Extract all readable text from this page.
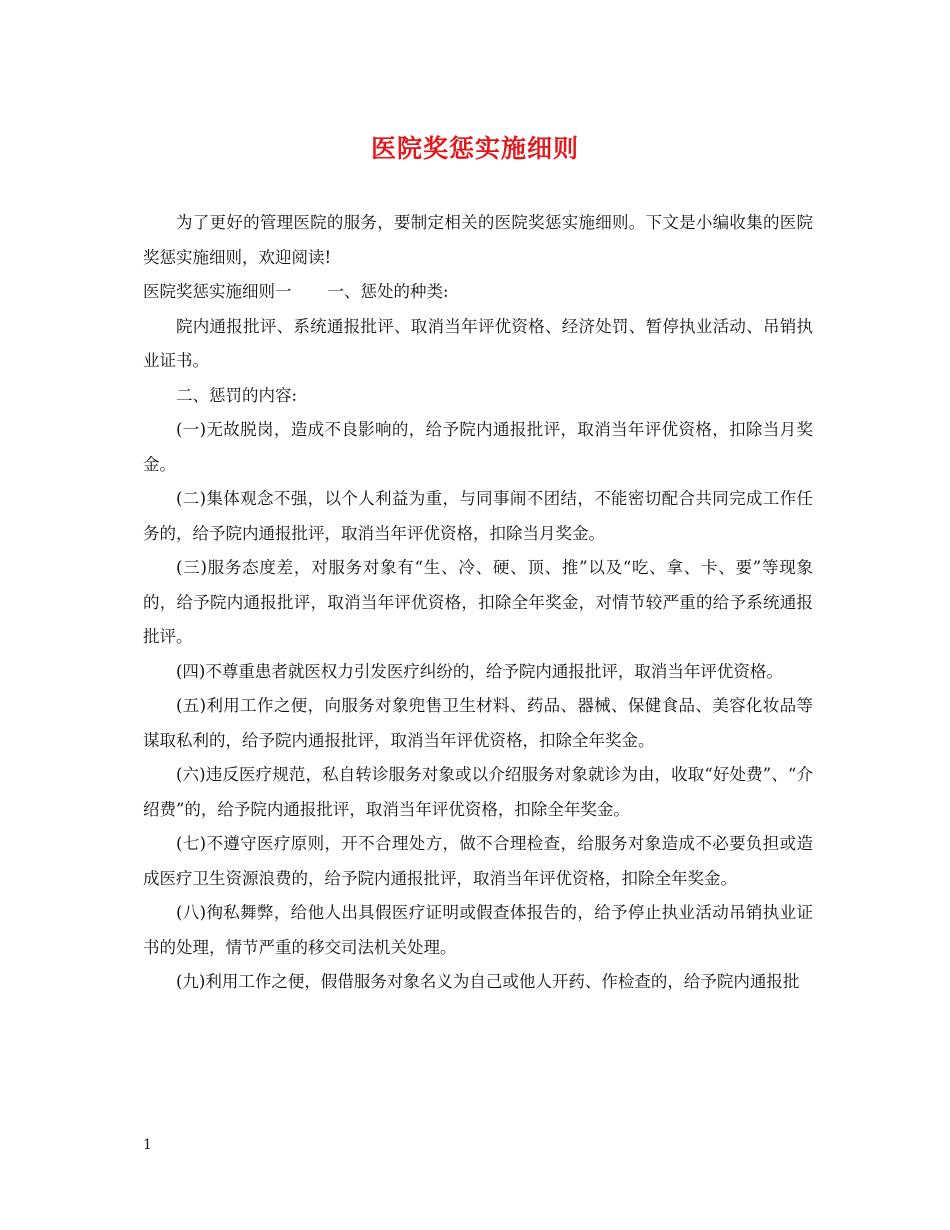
医院奖惩实施细则

为了更好的管理医院的服务，要制定相关的医院奖惩实施细则。下文是小编收集的医院奖惩实施细则，欢迎阅读!

医院奖惩实施细则一 一、惩处的种类:

院内通报批评、系统通报批评、取消当年评优资格、经济处罚、暂停执业活动、吊销执业证书。

二、惩罚的内容:

(一)无故脱岗，造成不良影响的，给予院内通报批评，取消当年评优资格，扣除当月奖金。

(二)集体观念不强，以个人利益为重，与同事闹不团结，不能密切配合共同完成工作任务的，给予院内通报批评，取消当年评优资格，扣除当月奖金。

(三)服务态度差，对服务对象有“生、冷、硬、顶、推”以及“吃、拿、卡、要”等现象的，给予院内通报批评，取消当年评优资格，扣除全年奖金，对情节较严重的给予系统通报批评。

(四)不尊重患者就医权力引发医疗纠纷的，给予院内通报批评，取消当年评优资格。

(五)利用工作之便，向服务对象兜售卫生材料、药品、器械、保健食品、美容化妆品等谋取私利的，给予院内通报批评，取消当年评优资格，扣除全年奖金。

(六)违反医疗规范，私自转诊服务对象或以介绍服务对象就诊为由，收取“好处费”、“介绍费”的，给予院内通报批评，取消当年评优资格，扣除全年奖金。

(七)不遵守医疗原则，开不合理处方，做不合理检查，给服务对象造成不必要负担或造成医疗卫生资源浪费的，给予院内通报批评，取消当年评优资格，扣除全年奖金。

(八)徇私舞弊，给他人出具假医疗证明或假查体报告的，给予停止执业活动吊销执业证书的处理，情节严重的移交司法机关处理。

(九)利用工作之便，假借服务对象名义为自己或他人开药、作检查的，给予院内通报批

1
